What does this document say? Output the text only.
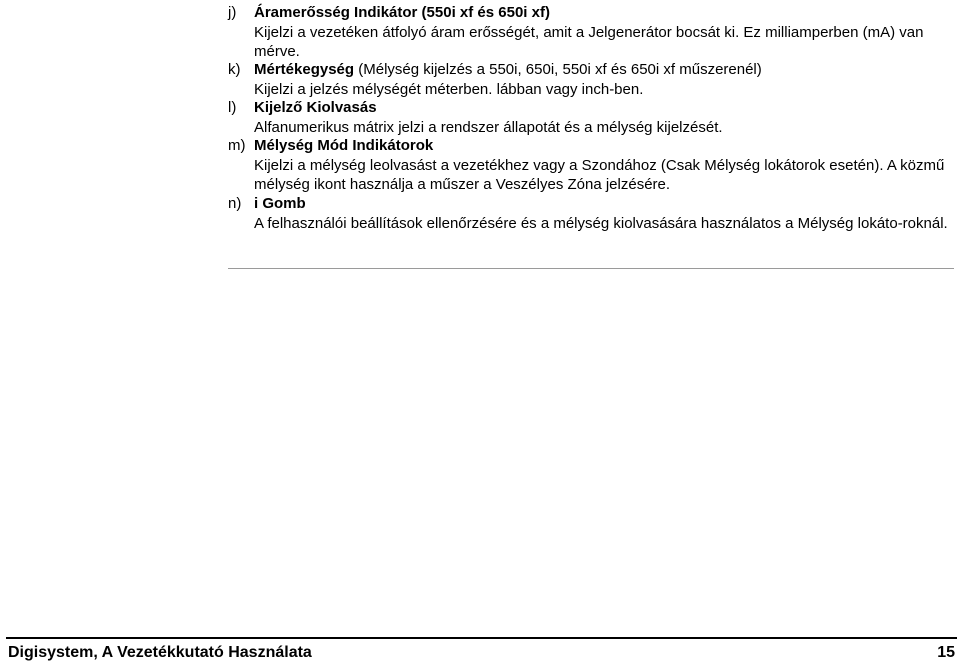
j)	Áramerősség Indikátor (550i xf és 650i xf)
Kijelzi a vezetéken átfolyó áram erősségét, amit a Jelgenerátor bocsát ki. Ez milliamperben (mA) van mérve.
k) Mértékegység (Mélység kijelzés a 550i, 650i, 550i xf és 650i xf műszerenél)
Kijelzi a jelzés mélységét méterben. lábban vagy inch-ben.
l)	Kijelző Kiolvasás
Alfanumerikus mátrix jelzi a rendszer állapotát és a mélység kijelzését.
m) Mélység Mód Indikátorok
Kijelzi a mélység leolvasást a vezetékhez vagy a Szondához (Csak Mélység lokátorok esetén). A közmű mélység ikont használja a műszer a Veszélyes Zóna jelzésére.
n) i Gomb
A felhasználói beállítások ellenőrzésére és a mélység kiolvasására használatos a Mélység lokáto-roknál.
Digisystem, A Vezetékkutató Használata	15
